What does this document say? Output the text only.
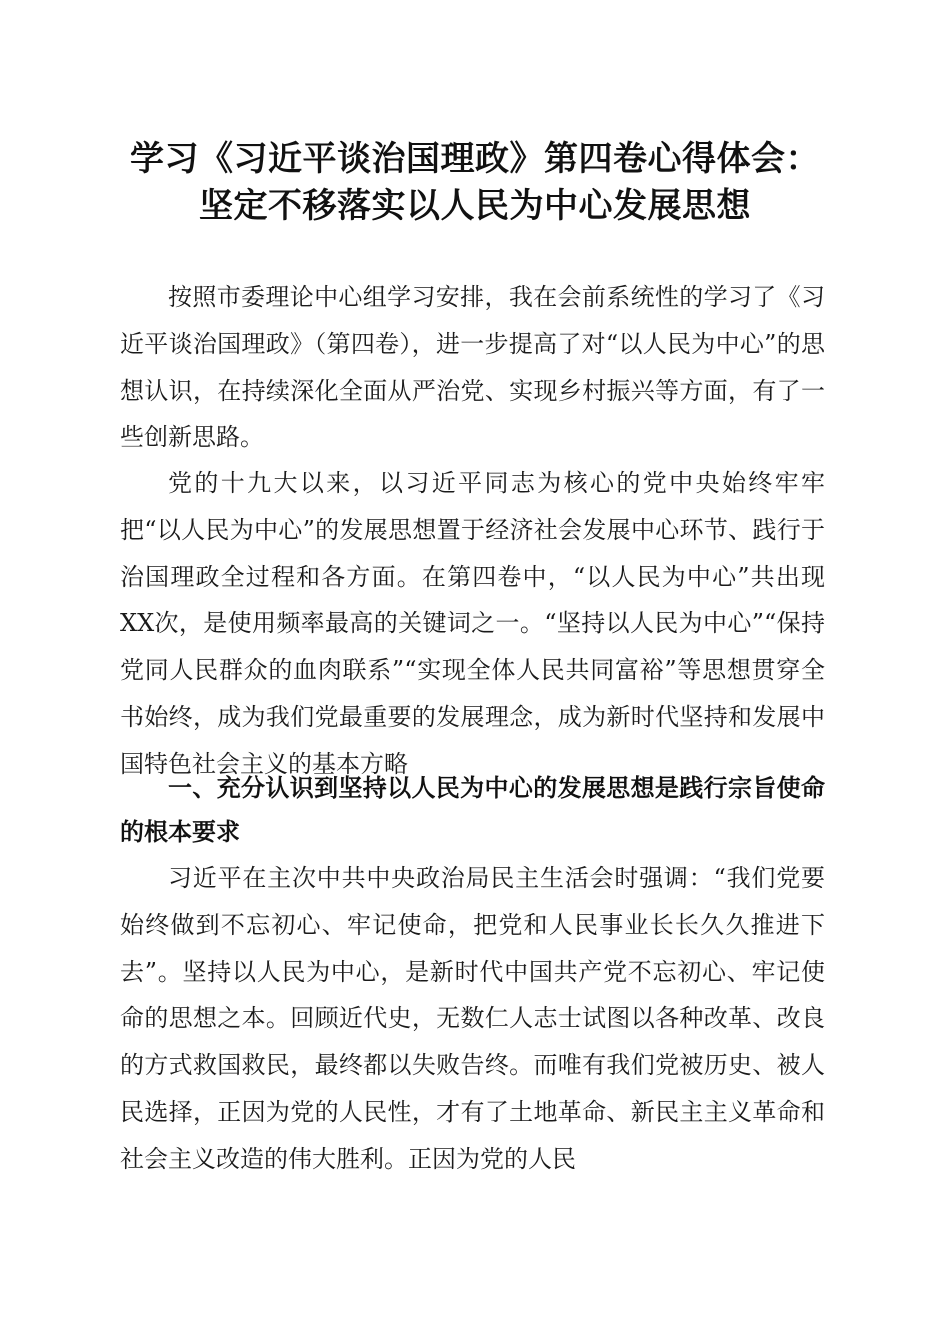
学习《习近平谈治国理政》第四卷心得体会：
坚定不移落实以人民为中心发展思想

按照市委理论中心组学习安排，我在会前系统性的学习了《习近平谈治国理政》（第四卷），进一步提高了对“以人民为中心”的思想认识，在持续深化全面从严治党、实现乡村振兴等方面，有了一些创新思路。

党的十九大以来，以习近平同志为核心的党中央始终牢牢把“以人民为中心”的发展思想置于经济社会发展中心环节、践行于治国理政全过程和各方面。在第四卷中，“以人民为中心”共出现XX次，是使用频率最高的关键词之一。“坚持以人民为中心”“保持党同人民群众的血肉联系”“实现全体人民共同富裕”等思想贯穿全书始终，成为我们党最重要的发展理念，成为新时代坚持和发展中国特色社会主义的基本方略

一、充分认识到坚持以人民为中心的发展思想是践行宗旨使命的根本要求

习近平在主次中共中央政治局民主生活会时强调：“我们党要始终做到不忘初心、牢记使命，把党和人民事业长长久久推进下去”。坚持以人民为中心，是新时代中国共产党不忘初心、牢记使命的思想之本。回顾近代史，无数仁人志士试图以各种改革、改良的方式救国救民，最终都以失败告终。而唯有我们党被历史、被人民选择，正因为党的人民性，才有了土地革命、新民主主义革命和社会主义改造的伟大胜利。正因为党的人民
